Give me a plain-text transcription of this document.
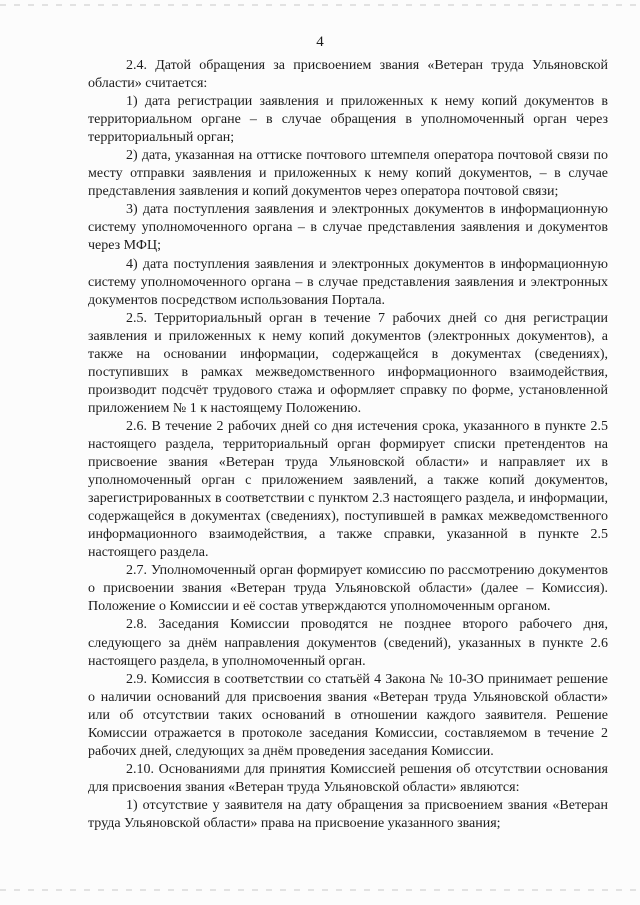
4

2.4. Датой обращения за присвоением звания «Ветеран труда Ульяновской области» считается:

1) дата регистрации заявления и приложенных к нему копий документов в территориальном органе – в случае обращения в уполномоченный орган через территориальный орган;

2) дата, указанная на оттиске почтового штемпеля оператора почтовой связи по месту отправки заявления и приложенных к нему копий документов, – в случае представления заявления и копий документов через оператора почтовой связи;

3) дата поступления заявления и электронных документов в информационную систему уполномоченного органа – в случае представления заявления и документов через МФЦ;

4) дата поступления заявления и электронных документов в информационную систему уполномоченного органа – в случае представления заявления и электронных документов посредством использования Портала.

2.5. Территориальный орган в течение 7 рабочих дней со дня регистрации заявления и приложенных к нему копий документов (электронных документов), а также на основании информации, содержащейся в документах (сведениях), поступивших в рамках межведомственного информационного взаимодействия, производит подсчёт трудового стажа и оформляет справку по форме, установленной приложением № 1 к настоящему Положению.

2.6. В течение 2 рабочих дней со дня истечения срока, указанного в пункте 2.5 настоящего раздела, территориальный орган формирует списки претендентов на присвоение звания «Ветеран труда Ульяновской области» и направляет их в уполномоченный орган с приложением заявлений, а также копий документов, зарегистрированных в соответствии с пунктом 2.3 настоящего раздела, и информации, содержащейся в документах (сведениях), поступившей в рамках межведомственного информационного взаимодействия, а также справки, указанной в пункте 2.5 настоящего раздела.

2.7. Уполномоченный орган формирует комиссию по рассмотрению документов о присвоении звания «Ветеран труда Ульяновской области» (далее – Комиссия). Положение о Комиссии и её состав утверждаются уполномоченным органом.

2.8. Заседания Комиссии проводятся не позднее второго рабочего дня, следующего за днём направления документов (сведений), указанных в пункте 2.6 настоящего раздела, в уполномоченный орган.

2.9. Комиссия в соответствии со статьёй 4 Закона № 10-ЗО принимает решение о наличии оснований для присвоения звания «Ветеран труда Ульяновской области» или об отсутствии таких оснований в отношении каждого заявителя. Решение Комиссии отражается в протоколе заседания Комиссии, составляемом в течение 2 рабочих дней, следующих за днём проведения заседания Комиссии.

2.10. Основаниями для принятия Комиссией решения об отсутствии основания для присвоения звания «Ветеран труда Ульяновской области» являются:

1) отсутствие у заявителя на дату обращения за присвоением звания «Ветеран труда Ульяновской области» права на присвоение указанного звания;
